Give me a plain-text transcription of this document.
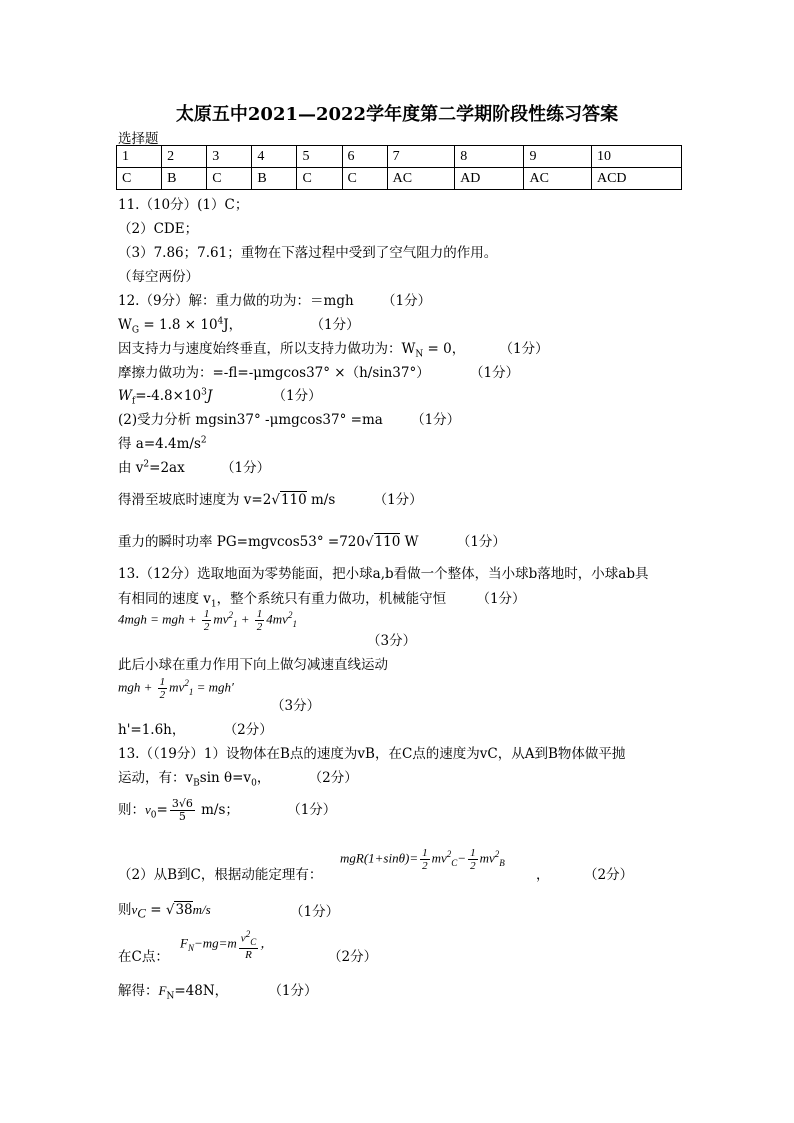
太原五中2021—2022学年度第二学期阶段性练习答案
选择题
1	2	3	4	5	6	7	8	9	10
C	B	C	B	C	C	AC	AD	AC	ACD
11.（10分）(1）C；
（2）CDE；
（3）7.86；7.61；重物在下落过程中受到了空气阻力的作用。
（每空两份）
12.（9分）解：重力做的功为：＝mgh （1分）
$W_G = 1.8 \times 10^4J$，	（1分）
因支持力与速度始终垂直，所以支持力做功为：$W_N = 0$，	（1分）
摩擦力做功为：=-fl=-μmgcos37° ×（h/sin37°）	（1分）
$W_f=-4.8\times 10^3J$	（1分）
(2)受力分析 mgsin37° -μmgcos37° =ma （1分）
得 $a=4.4m/s^2$
由 $v^2=2ax$	（1分）
得滑至坡底时速度为 v=2√110 m/s	（1分）
重力的瞬时功率 PG=mgvcos53° =720√110 W	（1分）
13.（12分）选取地面为零势能面，把小球a,b看做一个整体，当小球b落地时，小球ab具
有相同的速度 $v_1$，整个系统只有重力做功，机械能守恒 （1分）
4mgh = mgh + $\frac{1}{2} mv^2_1 + \frac{1}{2} 4mv^2_1$
（3分）
此后小球在重力作用下向上做匀减速直线运动
mgh + $\frac{1}{2} mv^2_1 = mgh'$
（3分）
h'=1.6h，	（2分）
13.（（19分）1）设物体在B点的速度为vB，在C点的速度为vC，从A到B物体做平抛
运动，有：$v_B\sin$ $\theta=v_0$，	（2分）
则：$v_0= \frac{3√6}{5} m/s$；	（1分）
（2）从B到C，根据动能定理有：
$mgR(1+\sin\theta)= \frac{1}{2} mv^2_C- \frac{1}{2} mv^2_B$
，	（2分）
则$v_C = √38m/s$	（1分）
在C点：
$F_N-mg=m \frac{v^2_C}{R}$ ，
（2分）
解得：$F_N=48N$，	（1分）
